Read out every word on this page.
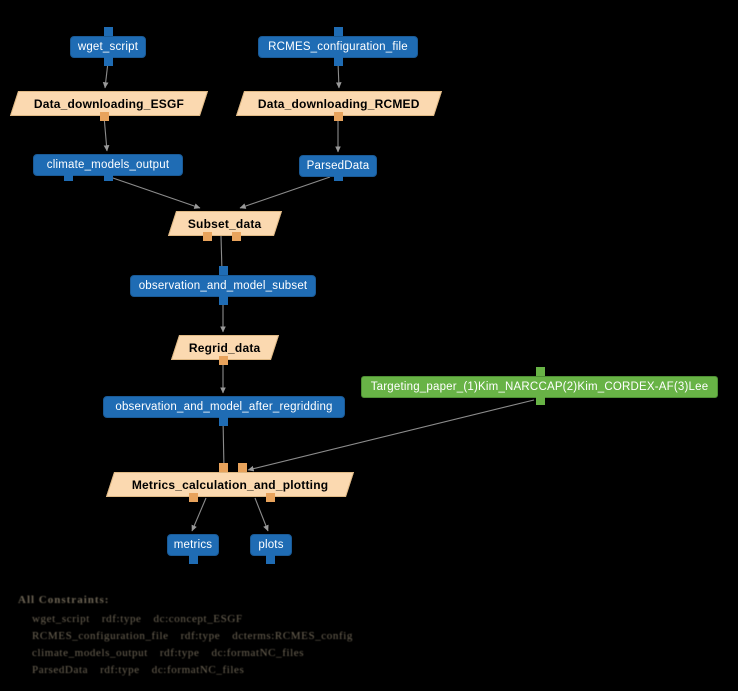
wget_script	RCMES_configuration_file
Data_downloading_ESGF	Data_downloading_RCMED
climate_models_output	ParsedData
Subset_data
observation_and_model_subset
Regrid_data
Targeting_paper_(1)Kim_NARCCAP(2)Kim_CORDEX-AF(3)Lee
observation_and_model_after_regridding
Metrics_calculation_and_plotting
metrics	plots
All Constraints:
wget_script rdf:type dc:concept_ESGF
RCMES_configuration_file rdf:type dcterms:RCMES_config
climate_models_output rdf:type dc:formatNC_files
ParsedData rdf:type dc:formatNC_files
